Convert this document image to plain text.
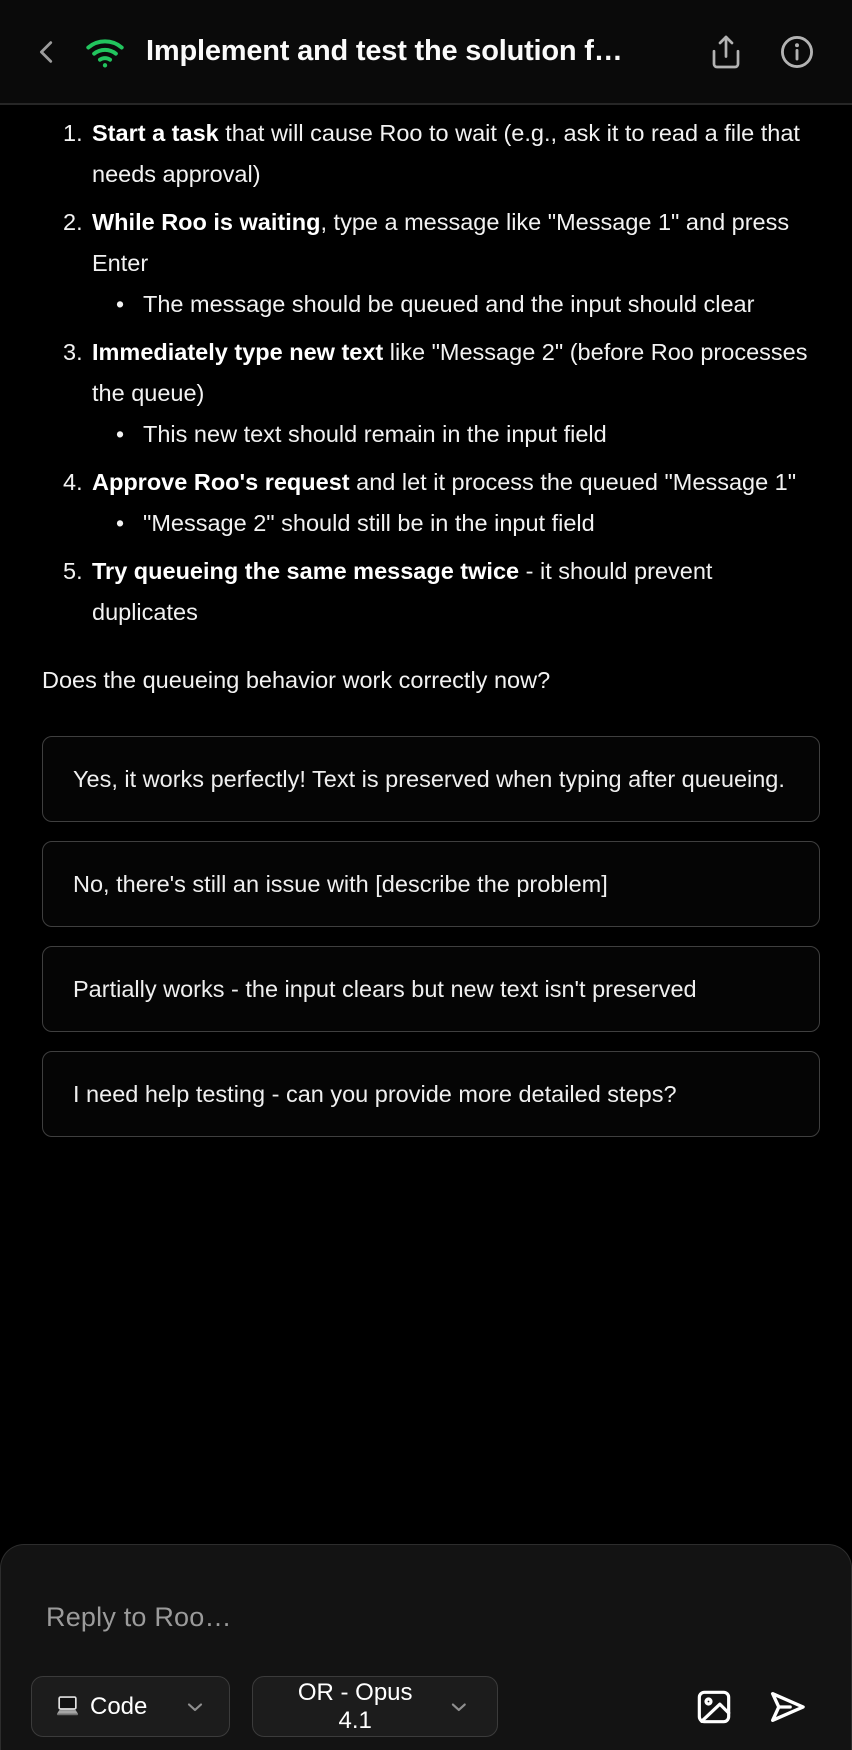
Implement and test the solution f…
1. Start a task that will cause Roo to wait (e.g., ask it to read a file that needs approval)
2. While Roo is waiting, type a message like "Message 1" and press Enter
•
The message should be queued and the input should clear
3. Immediately type new text like "Message 2" (before Roo processes the queue)
•
This new text should remain in the input field
4. Approve Roo's request and let it process the queued "Message 1"
•
"Message 2" should still be in the input field
5. Try queueing the same message twice - it should prevent duplicates
Does the queueing behavior work correctly now?
Yes, it works perfectly! Text is preserved when typing after queueing.
No, there's still an issue with [describe the problem]
Partially works - the input clears but new text isn't preserved
I need help testing - can you provide more detailed steps?
Reply to Roo…
Code
OR - Opus 4.1
